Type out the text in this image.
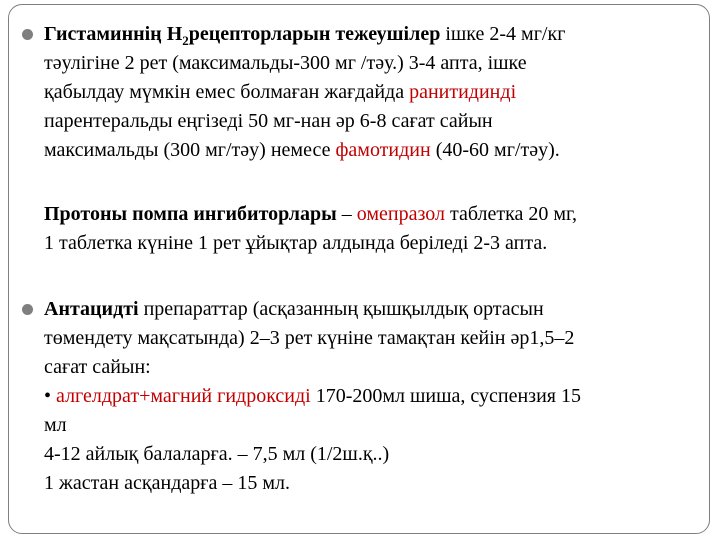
Гистаминнің $H_2рецепторларын$ тежеушілер ішке 2-4 мг/кг
тәулігіне 2 рет (максимальды-300 мг /тәу.) 3-4 апта, ішке
қабылдау мүмкін емес болмаған жағдайда ранитидинді
парентеральды еңгізеді 50 мг-нан әр 6-8 сағат сайын
максимальды (300 мг/тәу) немесе фамотидин (40-60 мг/тәу).
Протоны помпа ингибиторлары – омепразол таблетка 20 мг,
1 таблетка күніне 1 рет ұйықтар алдында беріледі 2-3 апта.
Антацидті препараттар (асқазанның қышқылдық ортасын
төмендету мақсатында) 2–3 рет күніне тамақтан кейін әр1,5–2
сағат сайын:
• алгелдрат+магний гидроксиді 170-200мл шиша, суспензия 15
мл
4-12 айлық балаларға. – 7,5 мл (1/2ш.қ..)
1 жастан асқандарға – 15 мл.
